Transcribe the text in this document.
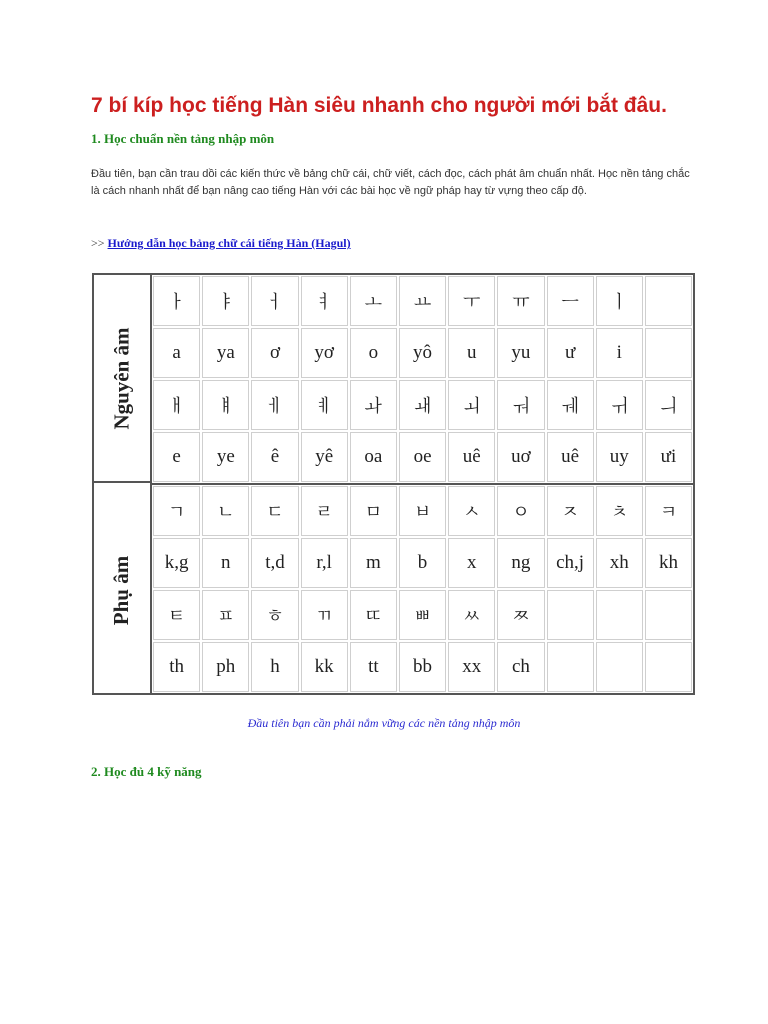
7 bí kíp học tiếng Hàn siêu nhanh cho người mới bắt đâu.
1. Học chuẩn nền tảng nhập môn

Đầu tiên, bạn cần trau dồi các kiến thức về bảng chữ cái, chữ viết, cách đọc, cách phát âm chuẩn nhất. Học nền tảng chắc là cách nhanh nhất để bạn nâng cao tiếng Hàn với các bài học về ngữ pháp hay từ vựng theo cấp độ.

>> Hướng dẫn học bảng chữ cái tiếng Hàn (Hagul)
Nguyên âm
Phụ âm
ㅏ	ㅑ	ㅓ	ㅕ	ㅗ	ㅛ	ㅜ	ㅠ	ㅡ	ㅣ
a	ya	ơ	yơ	o	yô	u	yu	ư	i
ㅐ	ㅒ	ㅔ	ㅖ	ㅘ	ㅙ	ㅚ	ㅝ	ㅞ	ㅟ	ㅢ
e	ye	ê	yê	oa	oe	uê	uơ	uê	uy	ưi
ㄱ	ㄴ	ㄷ	ㄹ	ㅁ	ㅂ	ㅅ	ㅇ	ㅈ	ㅊ	ㅋ
k,g	n	t,d	r,l	m	b	x	ng	ch,j	xh	kh
ㅌ	ㅍ	ㅎ	ㄲ	ㄸ	ㅃ	ㅆ	ㅉ
th	ph	h	kk	tt	bb	xx	ch
Đầu tiên bạn cần phải nắm vững các nền tảng nhập môn
2. Học đủ 4 kỹ năng
